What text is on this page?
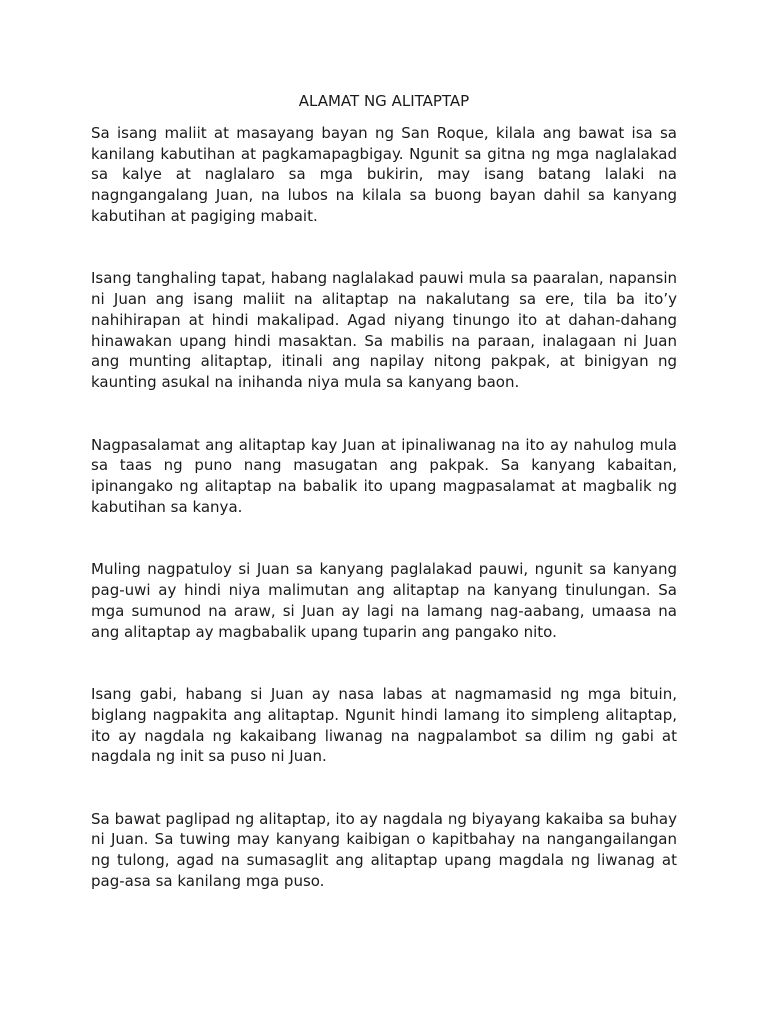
ALAMAT NG ALITAPTAP

Sa isang maliit at masayang bayan ng San Roque, kilala ang bawat isa sa kanilang kabutihan at pagkamapagbigay. Ngunit sa gitna ng mga naglalakad sa kalye at naglalaro sa mga bukirin, may isang batang lalaki na nagngangalang Juan, na lubos na kilala sa buong bayan dahil sa kanyang kabutihan at pagiging mabait.

Isang tanghaling tapat, habang naglalakad pauwi mula sa paaralan, napansin ni Juan ang isang maliit na alitaptap na nakalutang sa ere, tila ba ito’y nahihirapan at hindi makalipad. Agad niyang tinungo ito at dahan-dahang hinawakan upang hindi masaktan. Sa mabilis na paraan, inalagaan ni Juan ang munting alitaptap, itinali ang napilay nitong pakpak, at binigyan ng kaunting asukal na inihanda niya mula sa kanyang baon.

Nagpasalamat ang alitaptap kay Juan at ipinaliwanag na ito ay nahulog mula sa taas ng puno nang masugatan ang pakpak. Sa kanyang kabaitan, ipinangako ng alitaptap na babalik ito upang magpasalamat at magbalik ng kabutihan sa kanya.

Muling nagpatuloy si Juan sa kanyang paglalakad pauwi, ngunit sa kanyang pag-uwi ay hindi niya malimutan ang alitaptap na kanyang tinulungan. Sa mga sumunod na araw, si Juan ay lagi na lamang nag-aabang, umaasa na ang alitaptap ay magbabalik upang tuparin ang pangako nito.

Isang gabi, habang si Juan ay nasa labas at nagmamasid ng mga bituin, biglang nagpakita ang alitaptap. Ngunit hindi lamang ito simpleng alitaptap, ito ay nagdala ng kakaibang liwanag na nagpalambot sa dilim ng gabi at nagdala ng init sa puso ni Juan.

Sa bawat paglipad ng alitaptap, ito ay nagdala ng biyayang kakaiba sa buhay ni Juan. Sa tuwing may kanyang kaibigan o kapitbahay na nangangailangan ng tulong, agad na sumasaglit ang alitaptap upang magdala ng liwanag at pag-asa sa kanilang mga puso.
